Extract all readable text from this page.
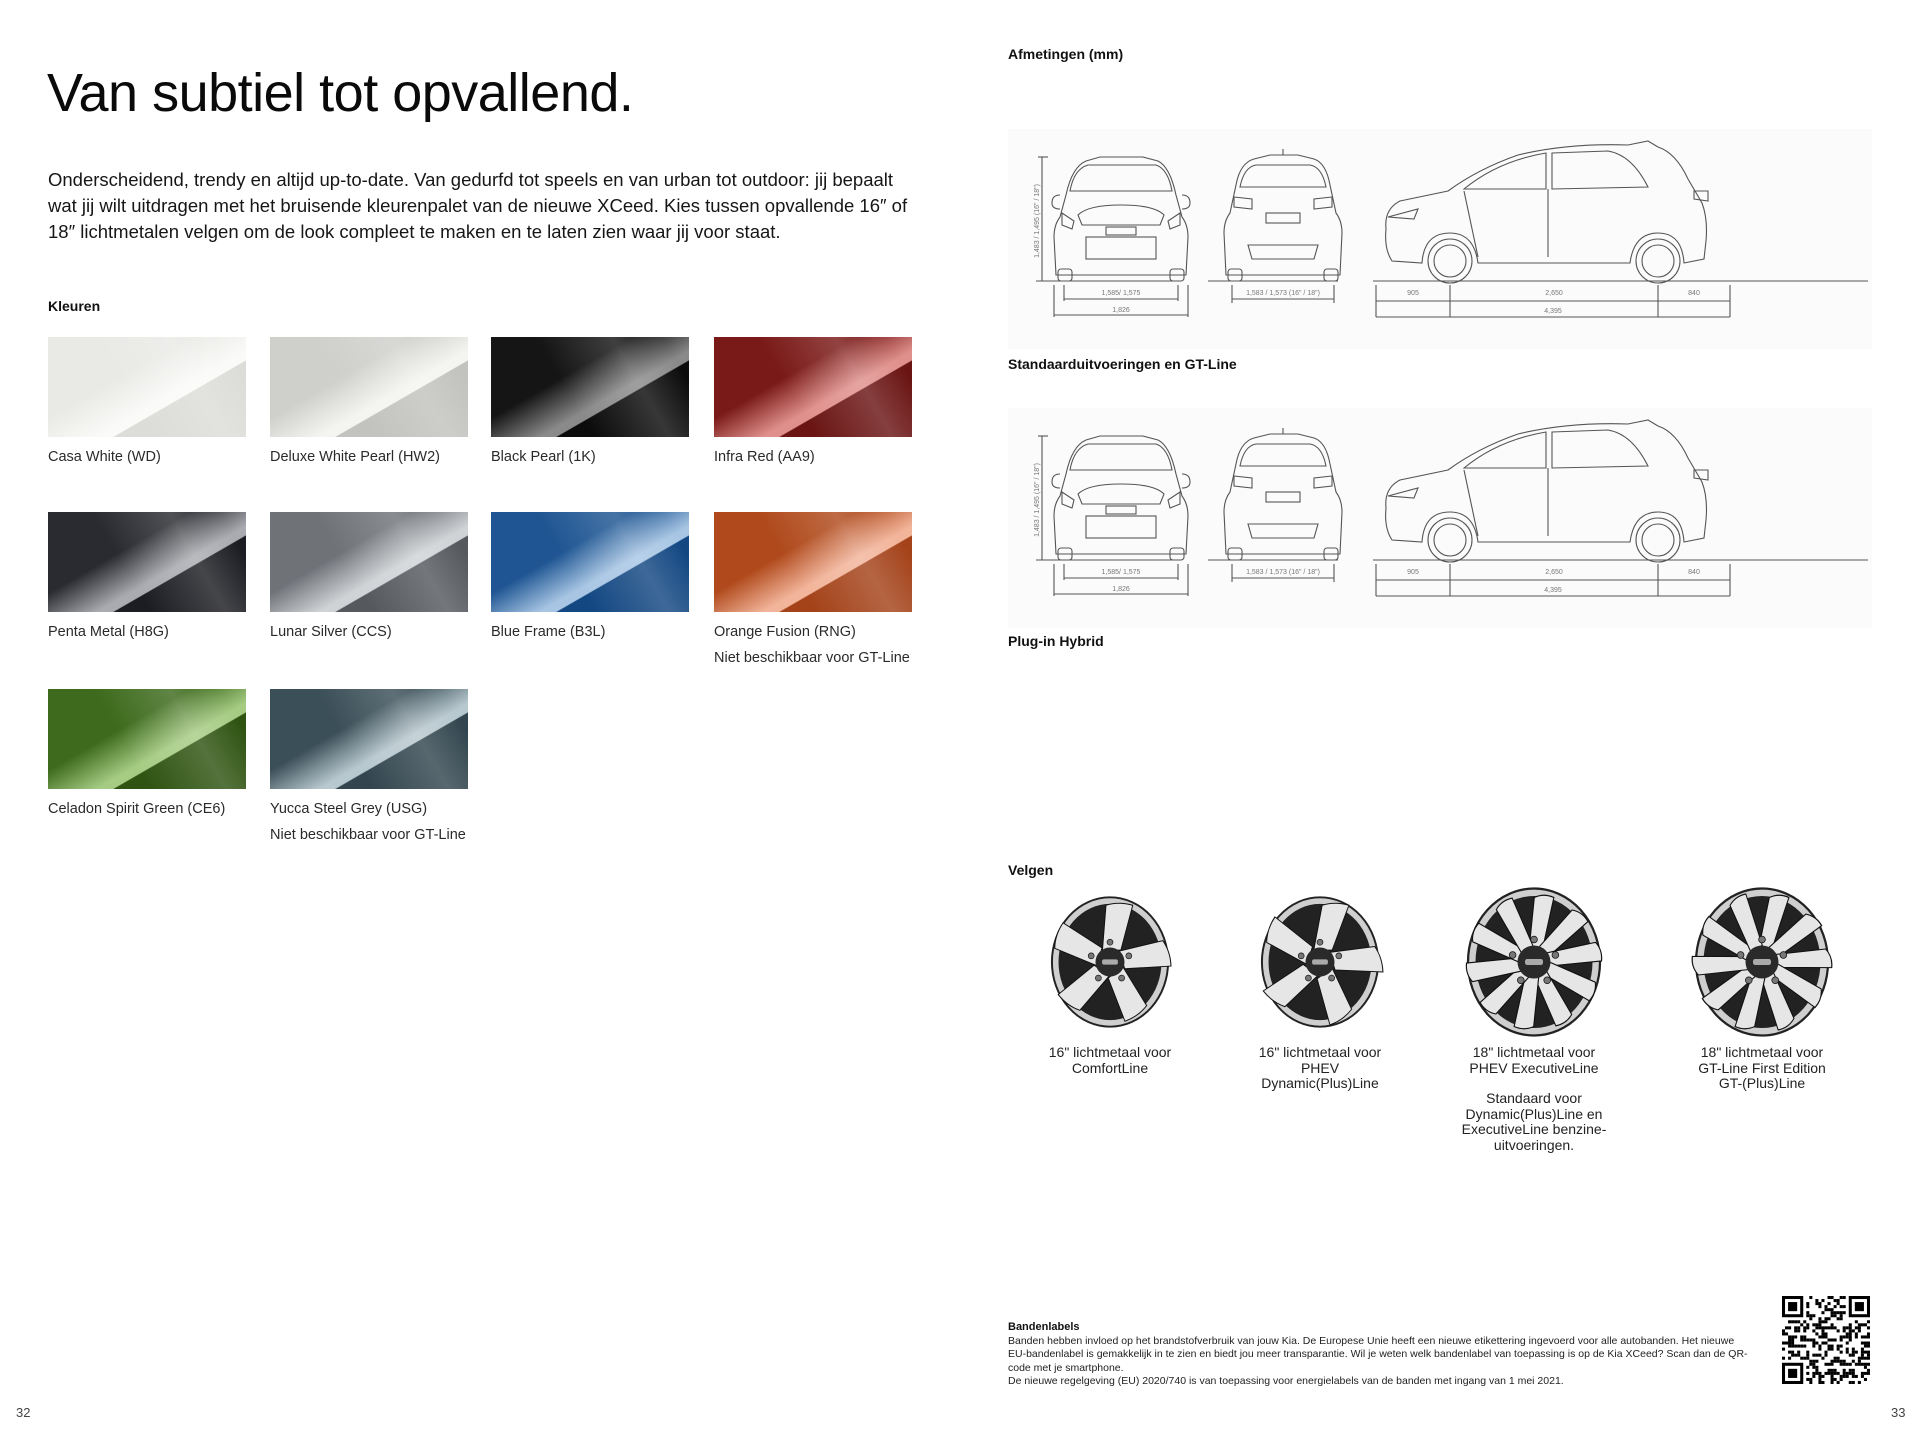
Van subtiel tot opvallend.

Onderscheidend, trendy en altijd up-to-date. Van gedurfd tot speels en van urban tot outdoor: jij bepaalt wat jij wilt uitdragen met het bruisende kleurenpalet van de nieuwe XCeed. Kies tussen opvallende 16″ of 18″ lichtmetalen velgen om de look compleet te maken en te laten zien waar jij voor staat.

Kleuren
Casa White (WD)	Deluxe White Pearl (HW2)	Black Pearl (1K)	Infra Red (AA9)
Penta Metal (H8G)	Lunar Silver (CCS)	Blue Frame (B3L)	Orange Fusion (RNG)
Niet beschikbaar voor GT-Line
Celadon Spirit Green (CE6)	Yucca Steel Grey (USG)
Niet beschikbaar voor GT-Line
32
Afmetingen (mm)
1,483 / 1,495 (16" / 18")
1,585/ 1,575
1,826
1,583 / 1,573 (16" / 18")	905	2,650	840
4,395
Standaarduitvoeringen en GT-Line
1,483 / 1,495 (16" / 18")
1,585/ 1,575
1,826
1,583 / 1,573 (16" / 18")	905	2,650	840
4,395
Plug-in Hybrid
Velgen
16" lichtmetaal voor
ComfortLine
16" lichtmetaal voor
PHEV
Dynamic(Plus)Line
18" lichtmetaal voor
PHEV ExecutiveLine
Standaard voor Dynamic(Plus)Line en ExecutiveLine benzine-uitvoeringen.
18" lichtmetaal voor
GT-Line First Edition
GT-(Plus)Line
Bandenlabels
Banden hebben invloed op het brandstofverbruik van jouw Kia. De Europese Unie heeft een nieuwe etikettering ingevoerd voor alle autobanden. Het nieuwe EU-bandenlabel is gemakkelijk in te zien en biedt jou meer transparantie. Wil je weten welk bandenlabel van toepassing is op de Kia XCeed? Scan dan de QR-code met je smartphone.
De nieuwe regelgeving (EU) 2020/740 is van toepassing voor energielabels van de banden met ingang van 1 mei 2021.
33
